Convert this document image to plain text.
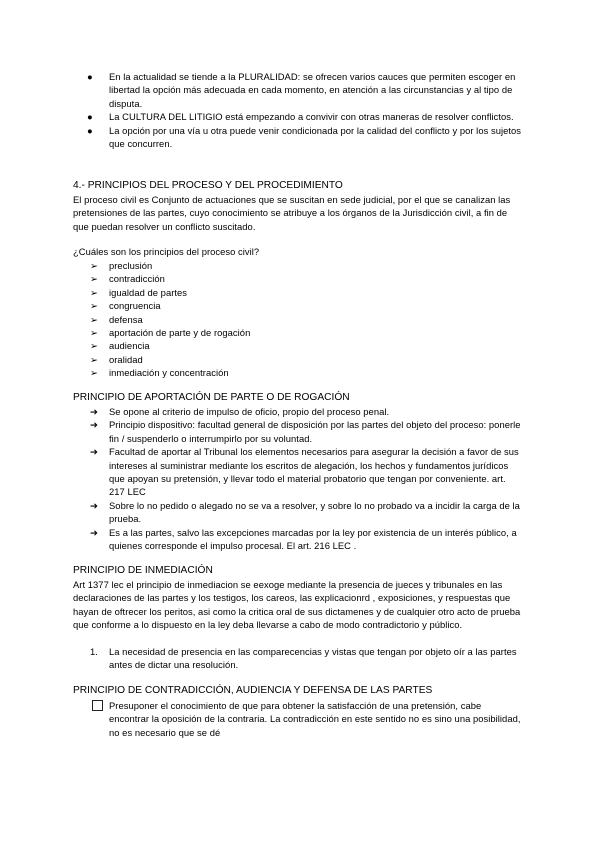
● En la actualidad se tiende a la PLURALIDAD: se ofrecen varios cauces que permiten escoger en libertad la opción más adecuada en cada momento, en atención a las circunstancias y al tipo de disputa.
● La CULTURA DEL LITIGIO está empezando a convivir con otras maneras de resolver conflictos.
● La opción por una vía u otra puede venir condicionada por la calidad del conflicto y por los sujetos que concurren.
4.- PRINCIPIOS DEL PROCESO Y DEL PROCEDIMIENTO
El proceso civil es Conjunto de actuaciones que se suscitan en sede judicial, por el que se canalizan las pretensiones de las partes, cuyo conocimiento se atribuye a los órganos de la Jurisdicción civil, a fin de que puedan resolver un conflicto suscitado.
¿Cuáles son los principios del proceso civil?
➢ preclusión
➢ contradicción
➢ igualdad de partes
➢ congruencia
➢ defensa
➢ aportación de parte y de rogación
➢ audiencia
➢ oralidad
➢ inmediación y concentración
PRINCIPIO DE APORTACIÓN DE PARTE O DE ROGACIÓN
➔ Se opone al criterio de impulso de oficio, propio del proceso penal.
➔ Principio dispositivo: facultad general de disposición por las partes del objeto del proceso: ponerle fin / suspenderlo o interrumpirlo por su voluntad.
➔ Facultad de aportar al Tribunal los elementos necesarios para asegurar la decisión a favor de sus intereses al suministrar mediante los escritos de alegación, los hechos y fundamentos jurídicos que apoyan su pretensión, y llevar todo el material probatorio que tengan por conveniente. art. 217 LEC
➔ Sobre lo no pedido o alegado no se va a resolver, y sobre lo no probado va a incidir la carga de la prueba.
➔ Es a las partes, salvo las excepciones marcadas por la ley por existencia de un interés público, a quienes corresponde el impulso procesal. El art. 216 LEC .
PRINCIPIO DE INMEDIACIÓN
Art 1377 lec el principio de inmediacion se eexoge mediante la presencia de jueces y tribunales en las declaraciones de las partes y los testigos, los careos, las explicacionrd , exposiciones, y respuestas que hayan de oftrecer los peritos, asi como la critica oral de sus dictamenes y de cualquier otro acto de prueba que conforme a lo dispuesto en la ley deba llevarse a cabo de modo contradictorio y público.
1. La necesidad de presencia en las comparecencias y vistas que tengan por objeto oír a las partes antes de dictar una resolución.
PRINCIPIO DE CONTRADICCIÓN, AUDIENCIA Y DEFENSA DE LAS PARTES
Presuponer el conocimiento de que para obtener la satisfacción de una pretensión, cabe encontrar la oposición de la contraria. La contradicción en este sentido no es sino una posibilidad, no es necesario que se dé
